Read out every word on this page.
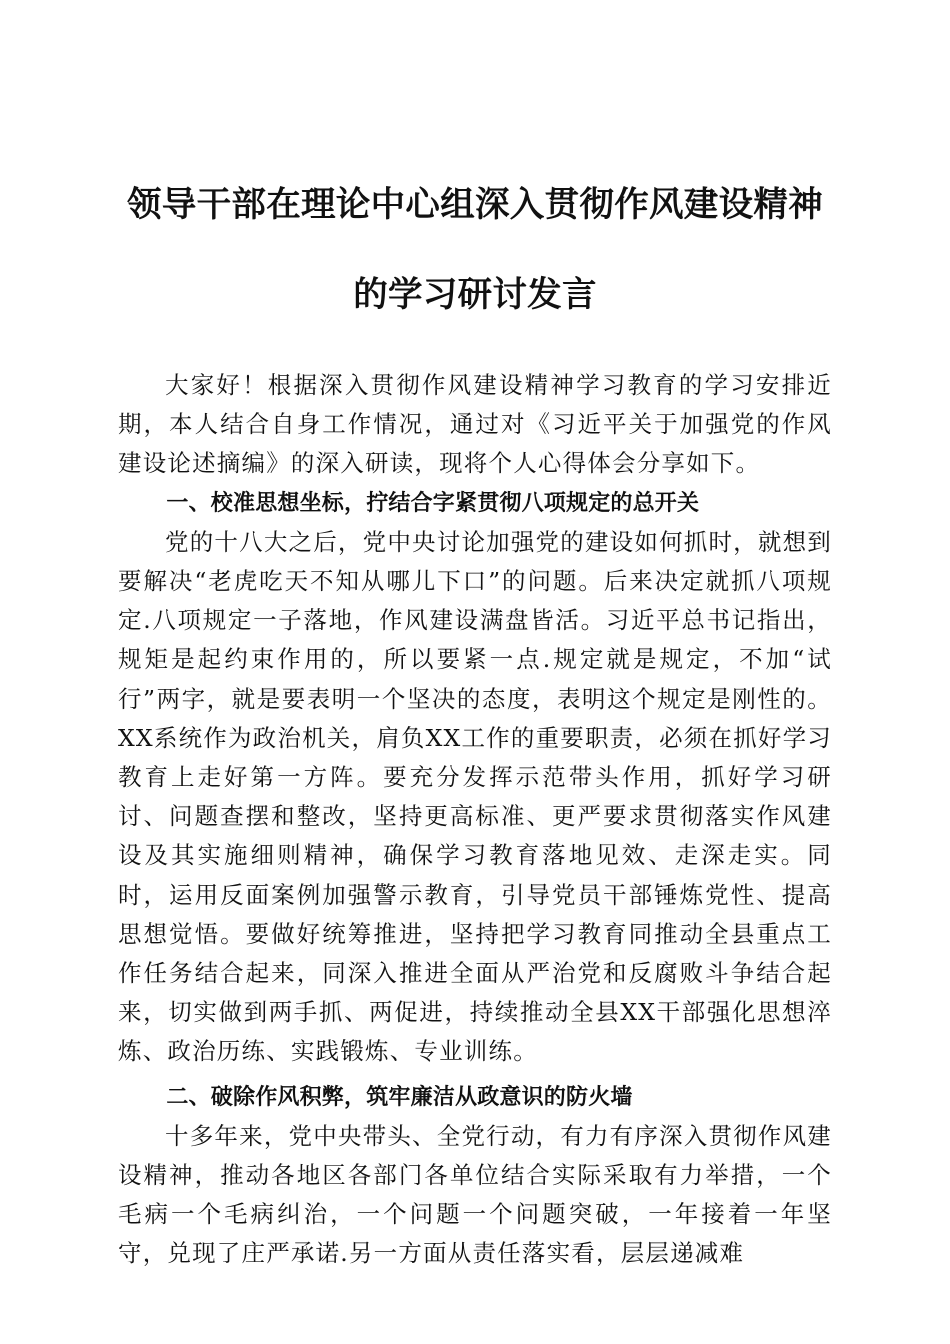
领导干部在理论中心组深入贯彻作风建设精神
的学习研讨发言

大家好！根据深入贯彻作风建设精神学习教育的学习安排近期，本人结合自身工作情况，通过对《习近平关于加强党的作风建设论述摘编》的深入研读，现将个人心得体会分享如下。

一、校准思想坐标，拧结合字紧贯彻八项规定的总开关

党的十八大之后，党中央讨论加强党的建设如何抓时，就想到要解决“老虎吃天不知从哪儿下口”的问题。后来决定就抓八项规定.八项规定一子落地，作风建设满盘皆活。习近平总书记指出，规矩是起约束作用的，所以要紧一点.规定就是规定，不加“试行”两字，就是要表明一个坚决的态度，表明这个规定是刚性的。XX系统作为政治机关，肩负XX工作的重要职责，必须在抓好学习教育上走好第一方阵。要充分发挥示范带头作用，抓好学习研讨、问题查摆和整改，坚持更高标准、更严要求贯彻落实作风建设及其实施细则精神，确保学习教育落地见效、走深走实。同时，运用反面案例加强警示教育，引导党员干部锤炼党性、提高思想觉悟。要做好统筹推进，坚持把学习教育同推动全县重点工作任务结合起来，同深入推进全面从严治党和反腐败斗争结合起来，切实做到两手抓、两促进，持续推动全县XX干部强化思想淬炼、政治历练、实践锻炼、专业训练。

二、破除作风积弊，筑牢廉洁从政意识的防火墙

十多年来，党中央带头、全党行动，有力有序深入贯彻作风建设精神，推动各地区各部门各单位结合实际采取有力举措，一个毛病一个毛病纠治，一个问题一个问题突破，一年接着一年坚守，兑现了庄严承诺.另一方面从责任落实看，层层递减难
